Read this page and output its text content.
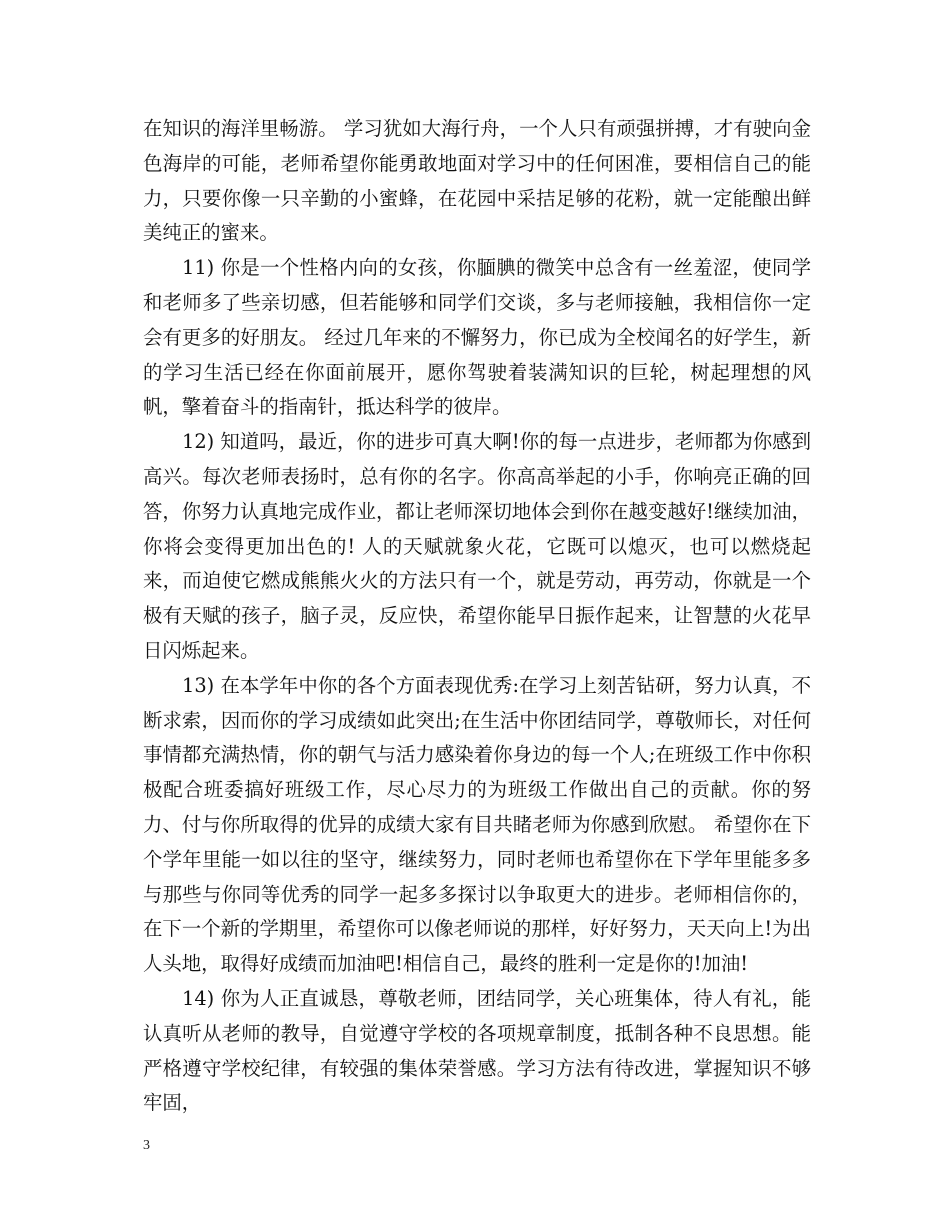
在知识的海洋里畅游。 学习犹如大海行舟，一个人只有顽强拼搏，才有驶向金色海岸的可能，老师希望你能勇敢地面对学习中的任何困准，要相信自己的能力，只要你像一只辛勤的小蜜蜂，在花园中采拮足够的花粉，就一定能酿出鲜美纯正的蜜来。

11) 你是一个性格内向的女孩，你腼腆的微笑中总含有一丝羞涩，使同学和老师多了些亲切感，但若能够和同学们交谈，多与老师接触，我相信你一定会有更多的好朋友。 经过几年来的不懈努力，你已成为全校闻名的好学生，新的学习生活已经在你面前展开，愿你驾驶着装满知识的巨轮，树起理想的风帆，擎着奋斗的指南针，抵达科学的彼岸。

12) 知道吗，最近，你的进步可真大啊!你的每一点进步，老师都为你感到高兴。每次老师表扬时，总有你的名字。你高高举起的小手，你响亮正确的回答，你努力认真地完成作业，都让老师深切地体会到你在越变越好!继续加油，你将会变得更加出色的! 人的天赋就象火花，它既可以熄灭，也可以燃烧起来，而迫使它燃成熊熊火火的方法只有一个，就是劳动，再劳动，你就是一个极有天赋的孩子，脑子灵，反应快，希望你能早日振作起来，让智慧的火花早日闪烁起来。

13) 在本学年中你的各个方面表现优秀:在学习上刻苦钻研，努力认真，不断求索，因而你的学习成绩如此突出;在生活中你团结同学，尊敬师长，对任何事情都充满热情，你的朝气与活力感染着你身边的每一个人;在班级工作中你积极配合班委搞好班级工作，尽心尽力的为班级工作做出自己的贡献。你的努力、付与你所取得的优异的成绩大家有目共睹老师为你感到欣慰。 希望你在下个学年里能一如以往的坚守，继续努力，同时老师也希望你在下学年里能多多与那些与你同等优秀的同学一起多多探讨以争取更大的进步。老师相信你的，在下一个新的学期里，希望你可以像老师说的那样，好好努力，天天向上!为出人头地，取得好成绩而加油吧!相信自己，最终的胜利一定是你的!加油!

14) 你为人正直诚恳，尊敬老师，团结同学，关心班集体，待人有礼，能认真听从老师的教导，自觉遵守学校的各项规章制度，抵制各种不良思想。能严格遵守学校纪律，有较强的集体荣誉感。学习方法有待改进，掌握知识不够牢固，

3
